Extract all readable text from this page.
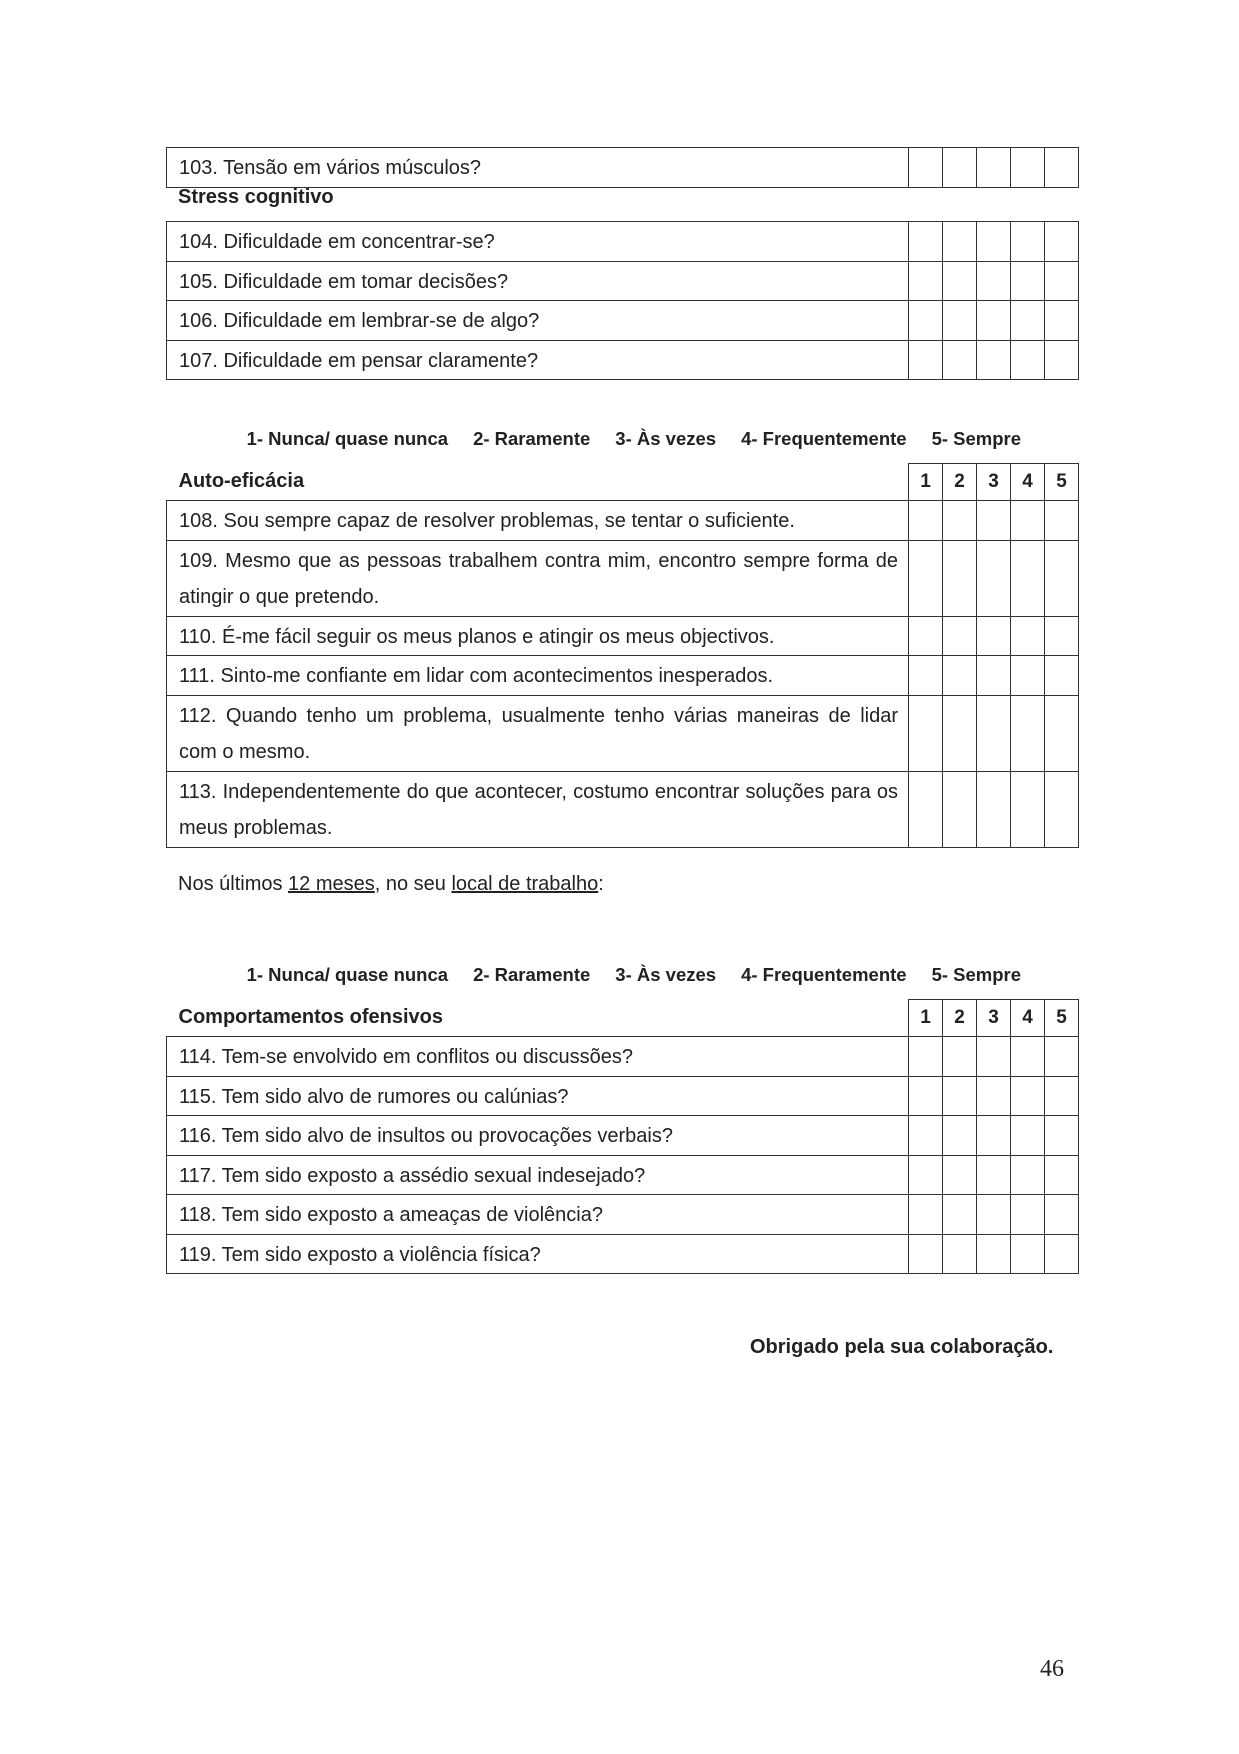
103. Tensão em vários músculos?					
Stress cognitivo
104. Dificuldade em concentrar-se?					
105. Dificuldade em tomar decisões?					
106. Dificuldade em lembrar-se de algo?					
107. Dificuldade em pensar claramente?					

1- Nunca/ quase nunca 2- Raramente 3- Às vezes 4- Frequentemente 5- Sempre

Auto-eficácia	1	2	3	4	5
108. Sou sempre capaz de resolver problemas, se tentar o suficiente.					
109. Mesmo que as pessoas trabalhem contra mim, encontro sempre forma de atingir o que pretendo.					
110. É-me fácil seguir os meus planos e atingir os meus objectivos.					
111. Sinto-me confiante em lidar com acontecimentos inesperados.					
112. Quando tenho um problema, usualmente tenho várias maneiras de lidar com o mesmo.					
113. Independentemente do que acontecer, costumo encontrar soluções para os meus problemas.					
Nos últimos 12 meses, no seu local de trabalho:

1- Nunca/ quase nunca 2- Raramente 3- Às vezes 4- Frequentemente 5- Sempre

Comportamentos ofensivos	1	2	3	4	5
114. Tem-se envolvido em conflitos ou discussões?					
115. Tem sido alvo de rumores ou calúnias?					
116. Tem sido alvo de insultos ou provocações verbais?					
117. Tem sido exposto a assédio sexual indesejado?					
118. Tem sido exposto a ameaças de violência?					
119. Tem sido exposto a violência física?					
Obrigado pela sua colaboração.
46
